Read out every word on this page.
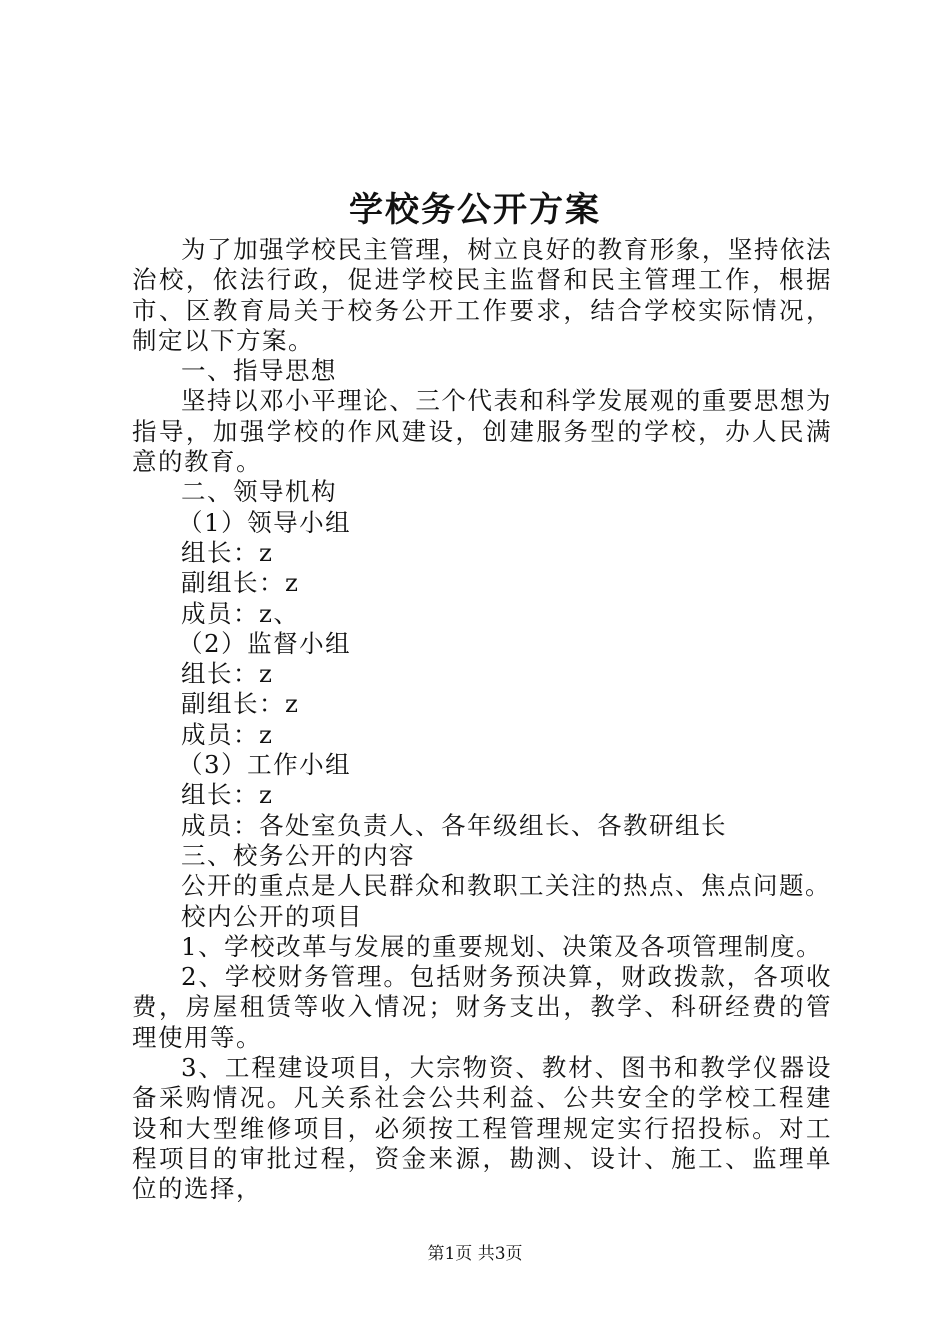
学校务公开方案

为了加强学校民主管理，树立良好的教育形象，坚持依法治校，依法行政，促进学校民主监督和民主管理工作，根据市、区教育局关于校务公开工作要求，结合学校实际情况，制定以下方案。

一、指导思想

坚持以邓小平理论、三个代表和科学发展观的重要思想为指导，加强学校的作风建设，创建服务型的学校，办人民满意的教育。

二、领导机构

（1）领导小组

组长：z

副组长：z

成员：z、

（2）监督小组

组长：z

副组长：z

成员：z

（3）工作小组

组长：z

成员：各处室负责人、各年级组长、各教研组长

三、校务公开的内容

公开的重点是人民群众和教职工关注的热点、焦点问题。

校内公开的项目

1、学校改革与发展的重要规划、决策及各项管理制度。

2、学校财务管理。包括财务预决算，财政拨款，各项收费，房屋租赁等收入情况；财务支出，教学、科研经费的管理使用等。

3、工程建设项目，大宗物资、教材、图书和教学仪器设备采购情况。凡关系社会公共利益、公共安全的学校工程建设和大型维修项目，必须按工程管理规定实行招投标。对工程项目的审批过程，资金来源，勘测、设计、施工、监理单位的选择，

第1页 共3页
